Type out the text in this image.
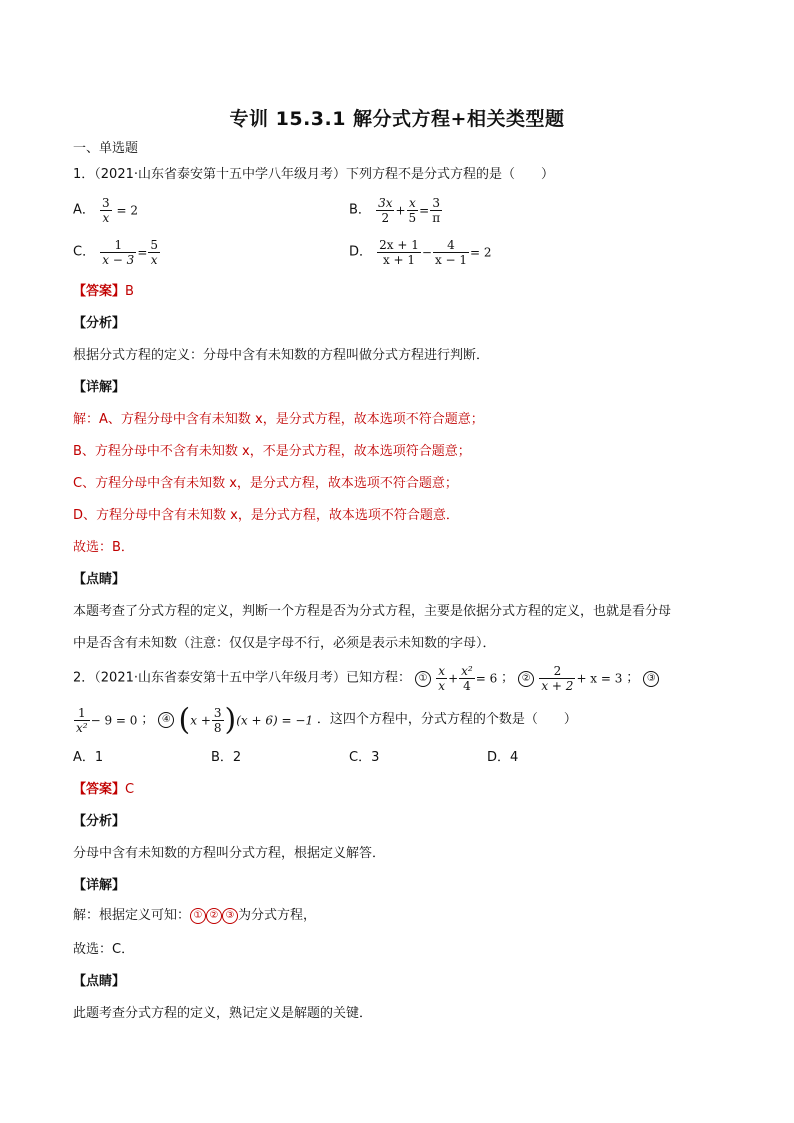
专训 15.3.1 解分式方程+相关类型题
一、单选题
1．（2021·山东省泰安第十五中学八年级月考）下列方程不是分式方程的是（　　）
A． $\frac{3}{x} = 2$	B． $\frac{3x}{2} + \frac{x}{5} = \frac{3}{\pi}$
C． $\frac{1}{x - 3} = \frac{5}{x}$	D． $\frac{2x + 1}{x + 1} - \frac{4}{x - 1} = 2$
【答案】B
【分析】
根据分式方程的定义：分母中含有未知数的方程叫做分式方程进行判断．
【详解】
解：A、方程分母中含有未知数 x，是分式方程，故本选项不符合题意；
B、方程分母中不含有未知数 x，不是分式方程，故本选项符合题意；
C、方程分母中含有未知数 x，是分式方程，故本选项不符合题意；
D、方程分母中含有未知数 x，是分式方程，故本选项不符合题意．
故选：B．
【点睛】
本题考查了分式方程的定义，判断一个方程是否为分式方程，主要是依据分式方程的定义，也就是看分母
中是否含有未知数（注意：仅仅是字母不行，必须是表示未知数的字母）．
2．（2021·山东省泰安第十五中学八年级月考）已知方程： ① $\frac{x}{x} + \frac{\text{x²}}{4} = 6$ ； ② $\frac{2}{x + 2} + x = 3$ ； ③
$\frac{1}{\text{x²}} - 9 = 0$ ； ④ $(x + \frac{3}{8} )(x + 6) = -1$ ．这四个方程中，分式方程的个数是（　　）
A．1	B．2	C．3	D．4
【答案】C
【分析】
分母中含有未知数的方程叫分式方程，根据定义解答．
【详解】
解：根据定义可知： ① ② ③ 为分式方程，
故选：C．
【点睛】
此题考查分式方程的定义，熟记定义是解题的关键．
